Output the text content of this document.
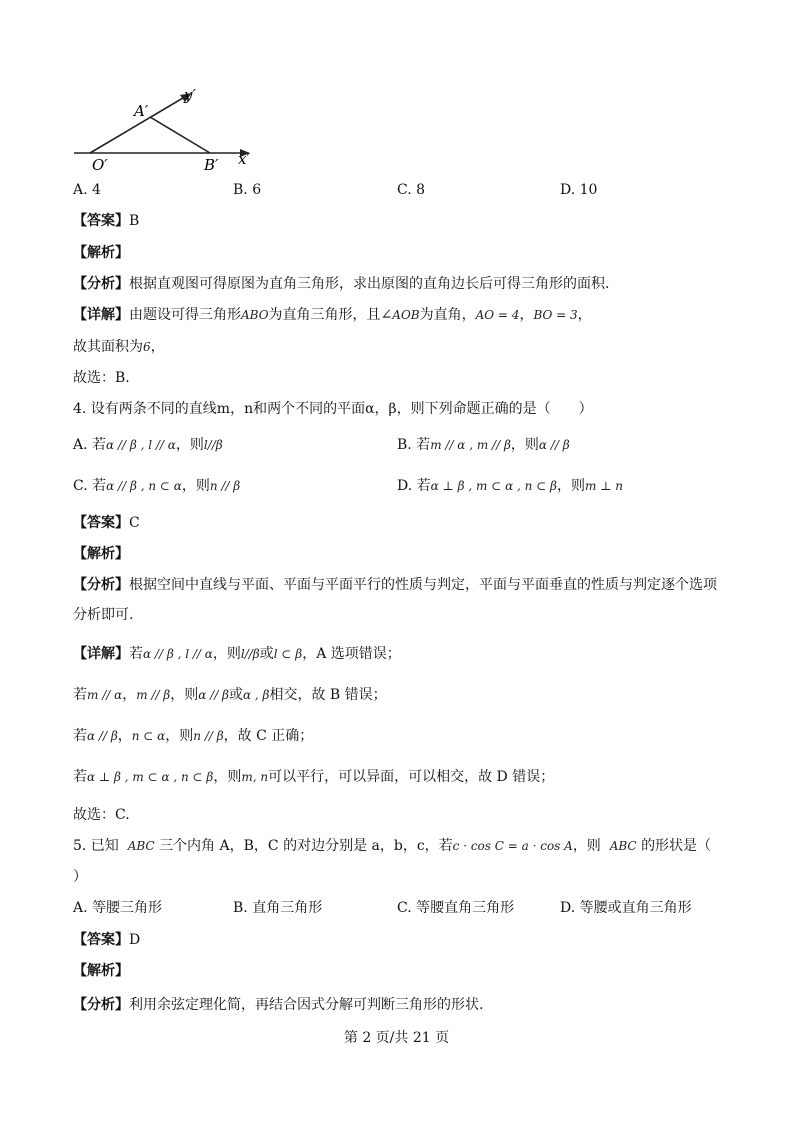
A′
y′
O′	B′ x′
A. 4	B. 6	C. 8	D. 10
【答案】B
【解析】
【分析】根据直观图可得原图为直角三角形，求出原图的直角边长后可得三角形的面积.
【详解】由题设可得三角形ABO为直角三角形，且∠AOB为直角，AO = 4，BO = 3，
故其面积为6，
故选：B.
4. 设有两条不同的直线m，n和两个不同的平面α，β，则下列命题正确的是（　　）
A. 若α // β , l // α，则l//β	B. 若m // α , m // β，则α // β
C. 若α // β , n ⊂ α，则n // β	D. 若α ⊥ β , m ⊂ α , n ⊂ β，则m ⊥ n
【答案】C
【解析】
【分析】根据空间中直线与平面、平面与平面平行的性质与判定，平面与平面垂直的性质与判定逐个选项
分析即可.
【详解】若α // β , l // α，则l//β或l ⊂ β，A 选项错误；
若m // α，m // β，则α // β或α , β相交，故 B 错误；
若α // β，n ⊂ α，则n // β，故 C 正确；
若α ⊥ β , m ⊂ α , n ⊂ β，则m, n可以平行，可以异面，可以相交，故 D 错误；
故选：C.
5. 已知 ABC 三个内角 A，B，C 的对边分别是 a，b，c，若c · cos C = a · cos A，则 ABC 的形状是（
）
A. 等腰三角形	B. 直角三角形	C. 等腰直角三角形	D. 等腰或直角三角形
【答案】D
【解析】
【分析】利用余弦定理化简，再结合因式分解可判断三角形的形状.
第 2 页/共 21 页
